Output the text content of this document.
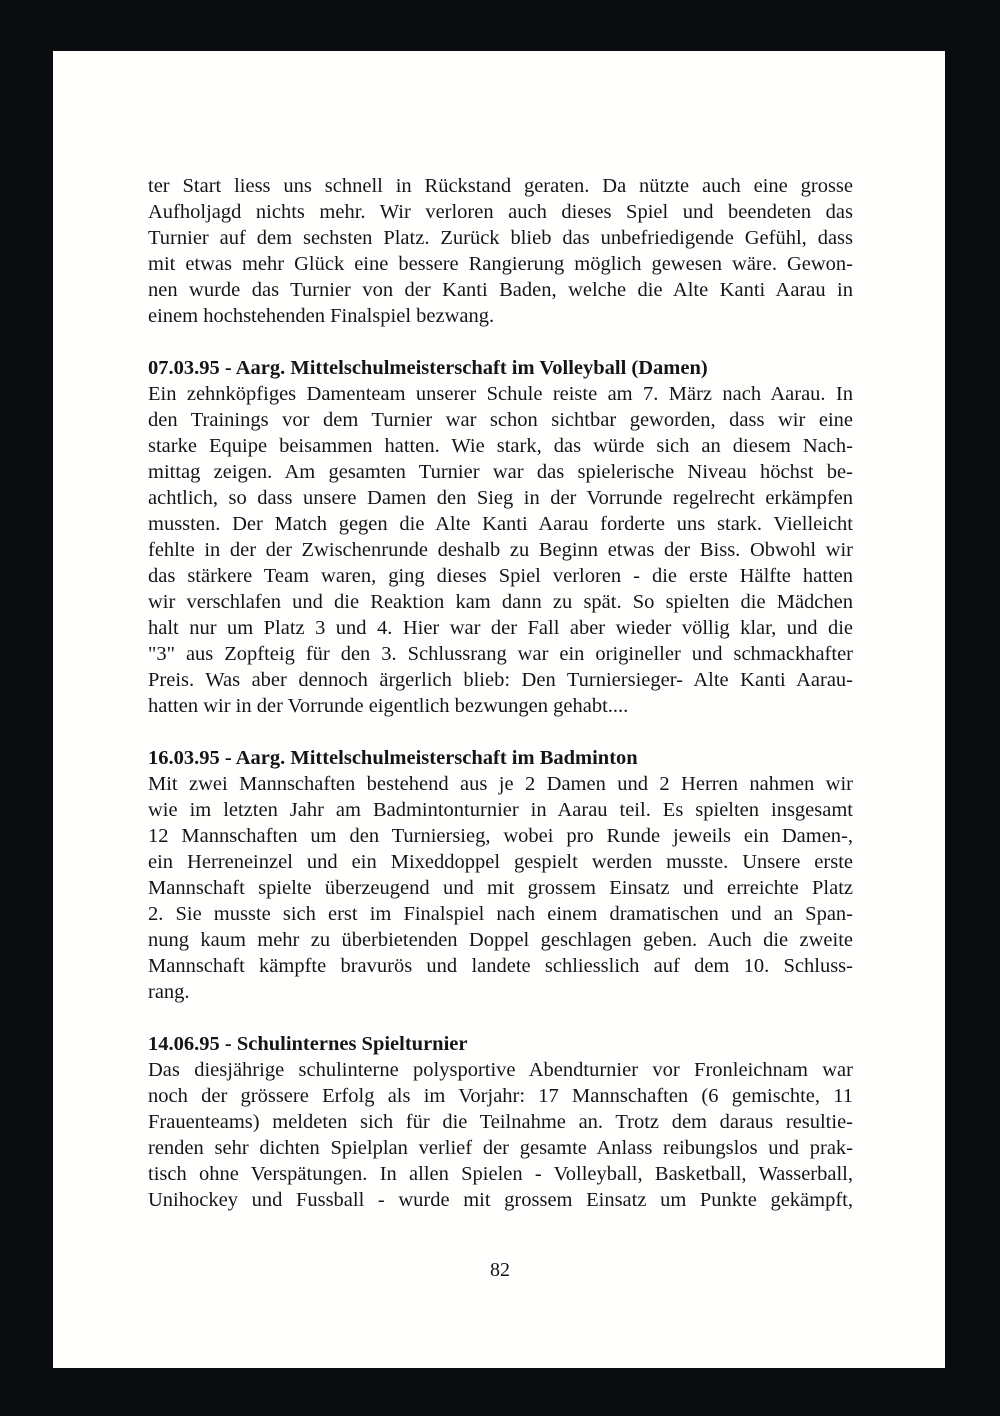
ter Start liess uns schnell in Rückstand geraten. Da nützte auch eine grosse
Aufholjagd nichts mehr. Wir verloren auch dieses Spiel und beendeten das
Turnier auf dem sechsten Platz. Zurück blieb das unbefriedigende Gefühl, dass
mit etwas mehr Glück eine bessere Rangierung möglich gewesen wäre. Gewon-
nen wurde das Turnier von der Kanti Baden, welche die Alte Kanti Aarau in
einem hochstehenden Finalspiel bezwang.
07.03.95 - Aarg. Mittelschulmeisterschaft im Volleyball (Damen)
Ein zehnköpfiges Damenteam unserer Schule reiste am 7. März nach Aarau. In
den Trainings vor dem Turnier war schon sichtbar geworden, dass wir eine
starke Equipe beisammen hatten. Wie stark, das würde sich an diesem Nach-
mittag zeigen. Am gesamten Turnier war das spielerische Niveau höchst be-
achtlich, so dass unsere Damen den Sieg in der Vorrunde regelrecht erkämpfen
mussten. Der Match gegen die Alte Kanti Aarau forderte uns stark. Vielleicht
fehlte in der der Zwischenrunde deshalb zu Beginn etwas der Biss. Obwohl wir
das stärkere Team waren, ging dieses Spiel verloren - die erste Hälfte hatten
wir verschlafen und die Reaktion kam dann zu spät. So spielten die Mädchen
halt nur um Platz 3 und 4. Hier war der Fall aber wieder völlig klar, und die
"3" aus Zopfteig für den 3. Schlussrang war ein origineller und schmackhafter
Preis. Was aber dennoch ärgerlich blieb: Den Turniersieger- Alte Kanti Aarau-
hatten wir in der Vorrunde eigentlich bezwungen gehabt....
16.03.95 - Aarg. Mittelschulmeisterschaft im Badminton
Mit zwei Mannschaften bestehend aus je 2 Damen und 2 Herren nahmen wir
wie im letzten Jahr am Badmintonturnier in Aarau teil. Es spielten insgesamt
12 Mannschaften um den Turniersieg, wobei pro Runde jeweils ein Damen-,
ein Herreneinzel und ein Mixeddoppel gespielt werden musste. Unsere erste
Mannschaft spielte überzeugend und mit grossem Einsatz und erreichte Platz
2. Sie musste sich erst im Finalspiel nach einem dramatischen und an Span-
nung kaum mehr zu überbietenden Doppel geschlagen geben. Auch die zweite
Mannschaft kämpfte bravurös und landete schliesslich auf dem 10. Schluss-
rang.
14.06.95 - Schulinternes Spielturnier
Das diesjährige schulinterne polysportive Abendturnier vor Fronleichnam war
noch der grössere Erfolg als im Vorjahr: 17 Mannschaften (6 gemischte, 11
Frauenteams) meldeten sich für die Teilnahme an. Trotz dem daraus resultie-
renden sehr dichten Spielplan verlief der gesamte Anlass reibungslos und prak-
tisch ohne Verspätungen. In allen Spielen - Volleyball, Basketball, Wasserball,
Unihockey und Fussball - wurde mit grossem Einsatz um Punkte gekämpft,
82
